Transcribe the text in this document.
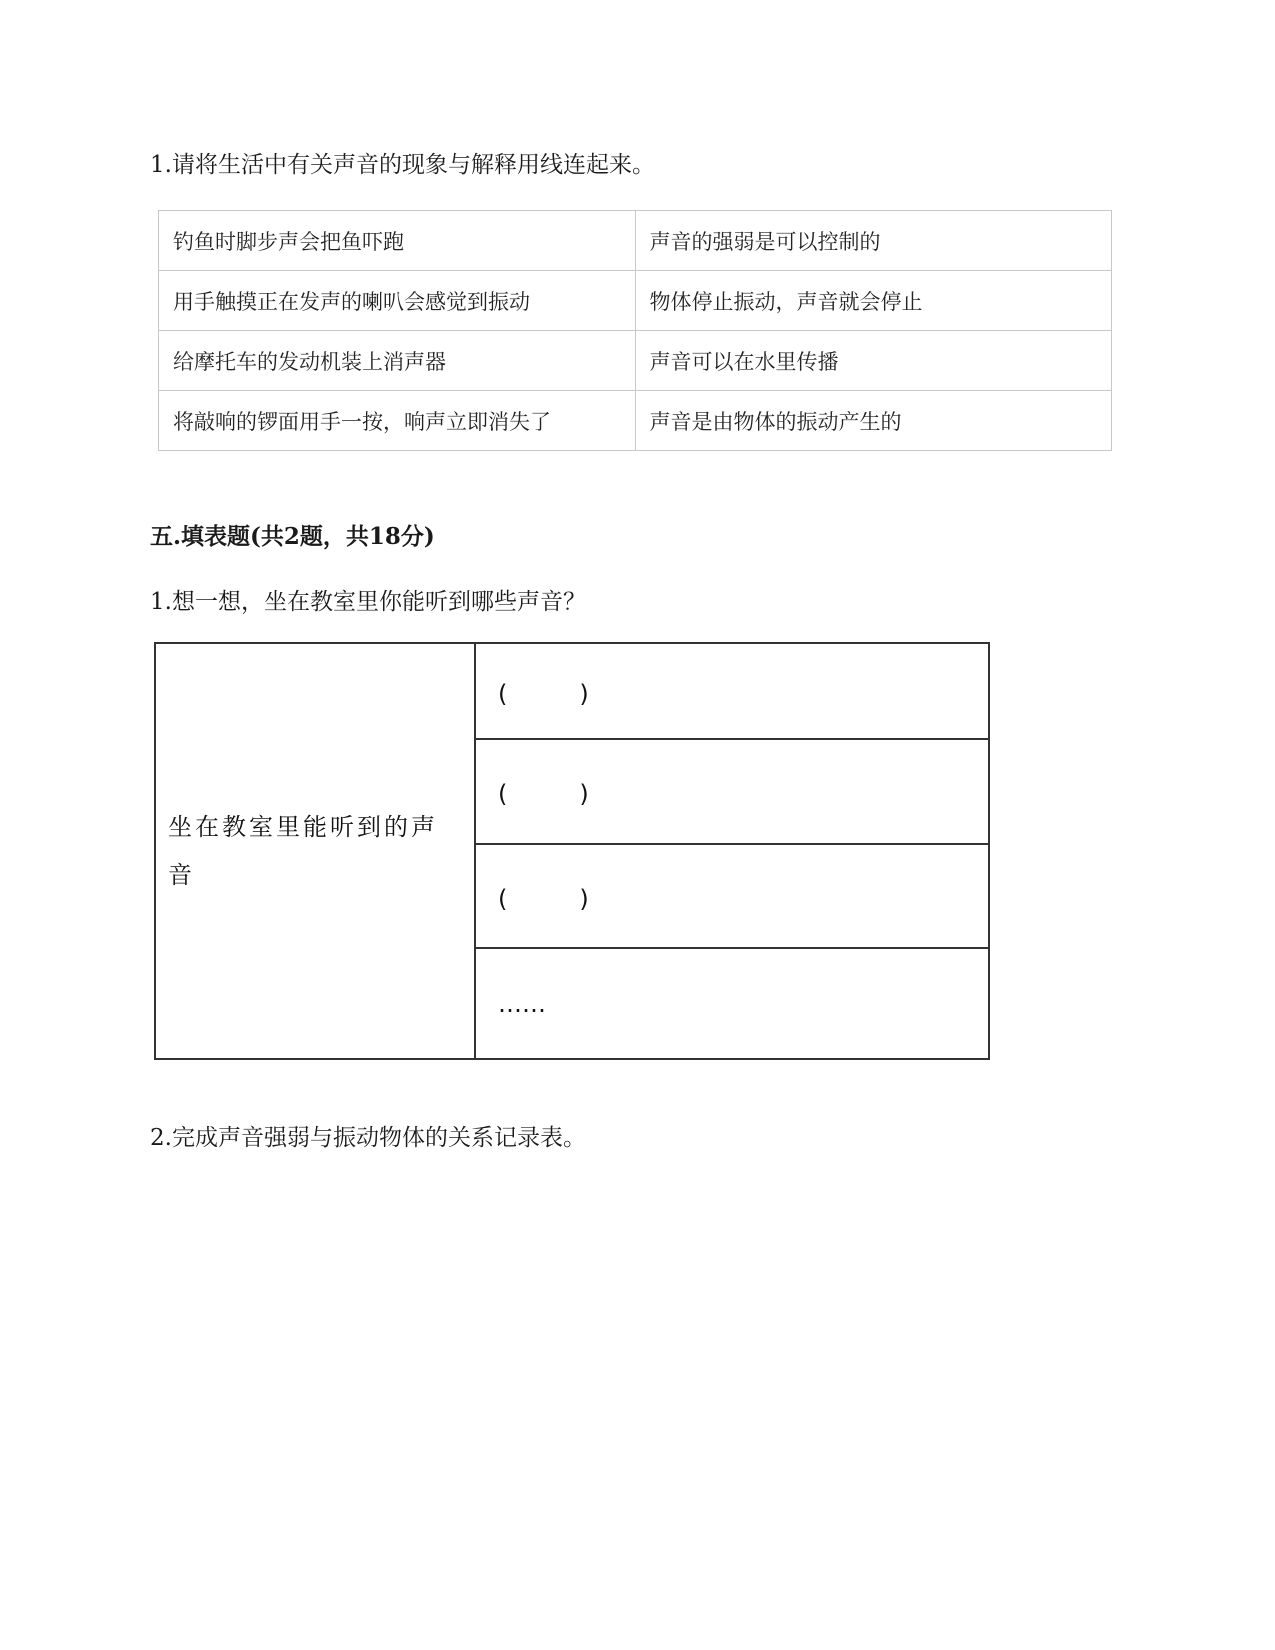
1.请将生活中有关声音的现象与解释用线连起来。
钓鱼时脚步声会把鱼吓跑	声音的强弱是可以控制的
用手触摸正在发声的喇叭会感觉到振动	物体停止振动，声音就会停止
给摩托车的发动机装上消声器	声音可以在水里传播
将敲响的锣面用手一按，响声立即消失了	声音是由物体的振动产生的
五.填表题(共2题，共18分)
1.想一想，坐在教室里你能听到哪些声音？
坐在教室里能听到的声音	(　　　)
(　　　)
(　　　)
……
2.完成声音强弱与振动物体的关系记录表。
